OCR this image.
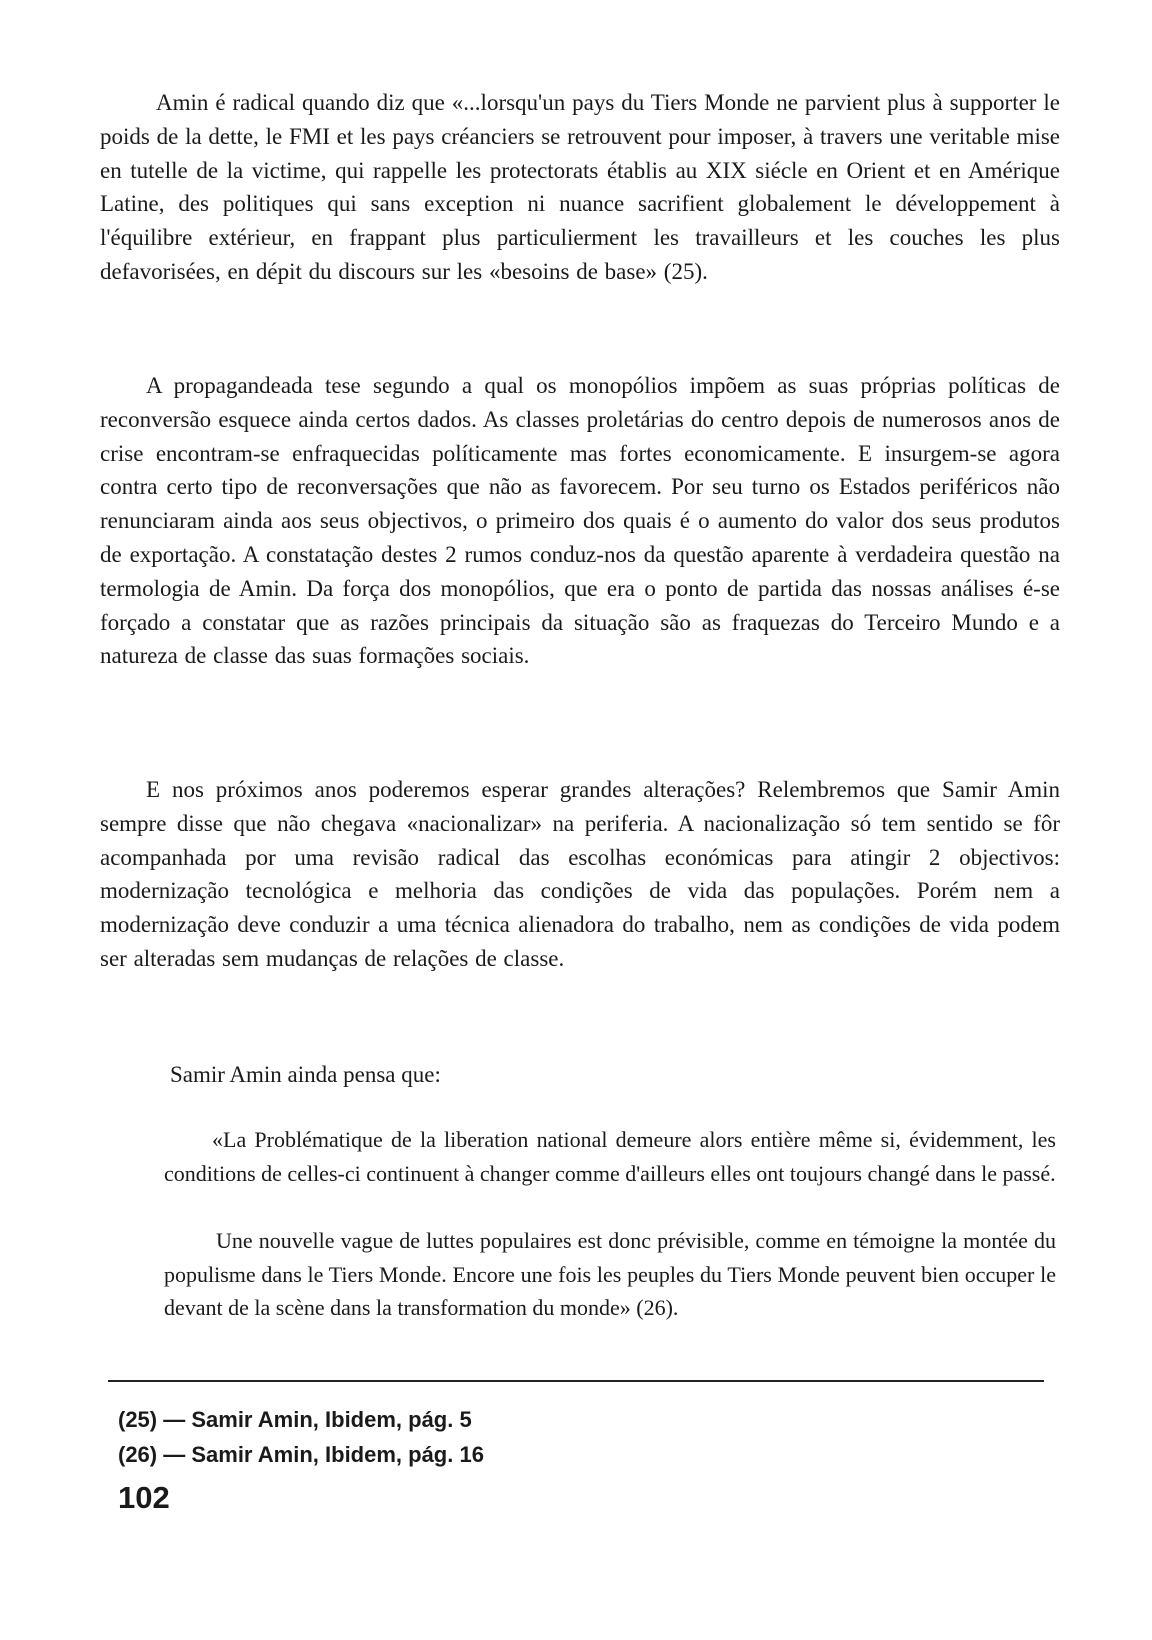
Amin é radical quando diz que «...lorsqu'un pays du Tiers Monde ne parvient plus à supporter le poids de la dette, le FMI et les pays créanciers se retrouvent pour imposer, à travers une veritable mise en tutelle de la victime, qui rappelle les protectorats établis au XIX siécle en Orient et en Amérique Latine, des politiques qui sans exception ni nuance sacrifient globalement le développement à l'équilibre extérieur, en frappant plus particulierment les travailleurs et les couches les plus defavorisées, en dépit du discours sur les «besoins de base» (25).

A propagandeada tese segundo a qual os monopólios impõem as suas próprias políticas de reconversão esquece ainda certos dados. As classes proletárias do centro depois de numerosos anos de crise encontram-se enfraquecidas políticamente mas fortes economicamente. E insurgem-se agora contra certo tipo de reconversações que não as favorecem. Por seu turno os Estados periféricos não renunciaram ainda aos seus objectivos, o primeiro dos quais é o aumento do valor dos seus produtos de exportação. A constatação destes 2 rumos conduz-nos da questão aparente à verdadeira questão na termologia de Amin. Da força dos monopólios, que era o ponto de partida das nossas análises é-se forçado a constatar que as razões principais da situação são as fraquezas do Terceiro Mundo e a natureza de classe das suas formações sociais.

E nos próximos anos poderemos esperar grandes alterações? Relembremos que Samir Amin sempre disse que não chegava «nacionalizar» na periferia. A nacionalização só tem sentido se fôr acompanhada por uma revisão radical das escolhas económicas para atingir 2 objectivos: modernização tecnológica e melhoria das condições de vida das populações. Porém nem a modernização deve conduzir a uma técnica alienadora do trabalho, nem as condições de vida podem ser alteradas sem mudanças de relações de classe.

Samir Amin ainda pensa que:

«La Problématique de la liberation national demeure alors entière même si, évidemment, les conditions de celles-ci continuent à changer comme d'ailleurs elles ont toujours changé dans le passé.

Une nouvelle vague de luttes populaires est donc prévisible, comme en témoigne la montée du populisme dans le Tiers Monde. Encore une fois les peuples du Tiers Monde peuvent bien occuper le devant de la scène dans la transformation du monde» (26).

(25) — Samir Amin, Ibidem, pág. 5
(26) — Samir Amin, Ibidem, pág. 16
102
